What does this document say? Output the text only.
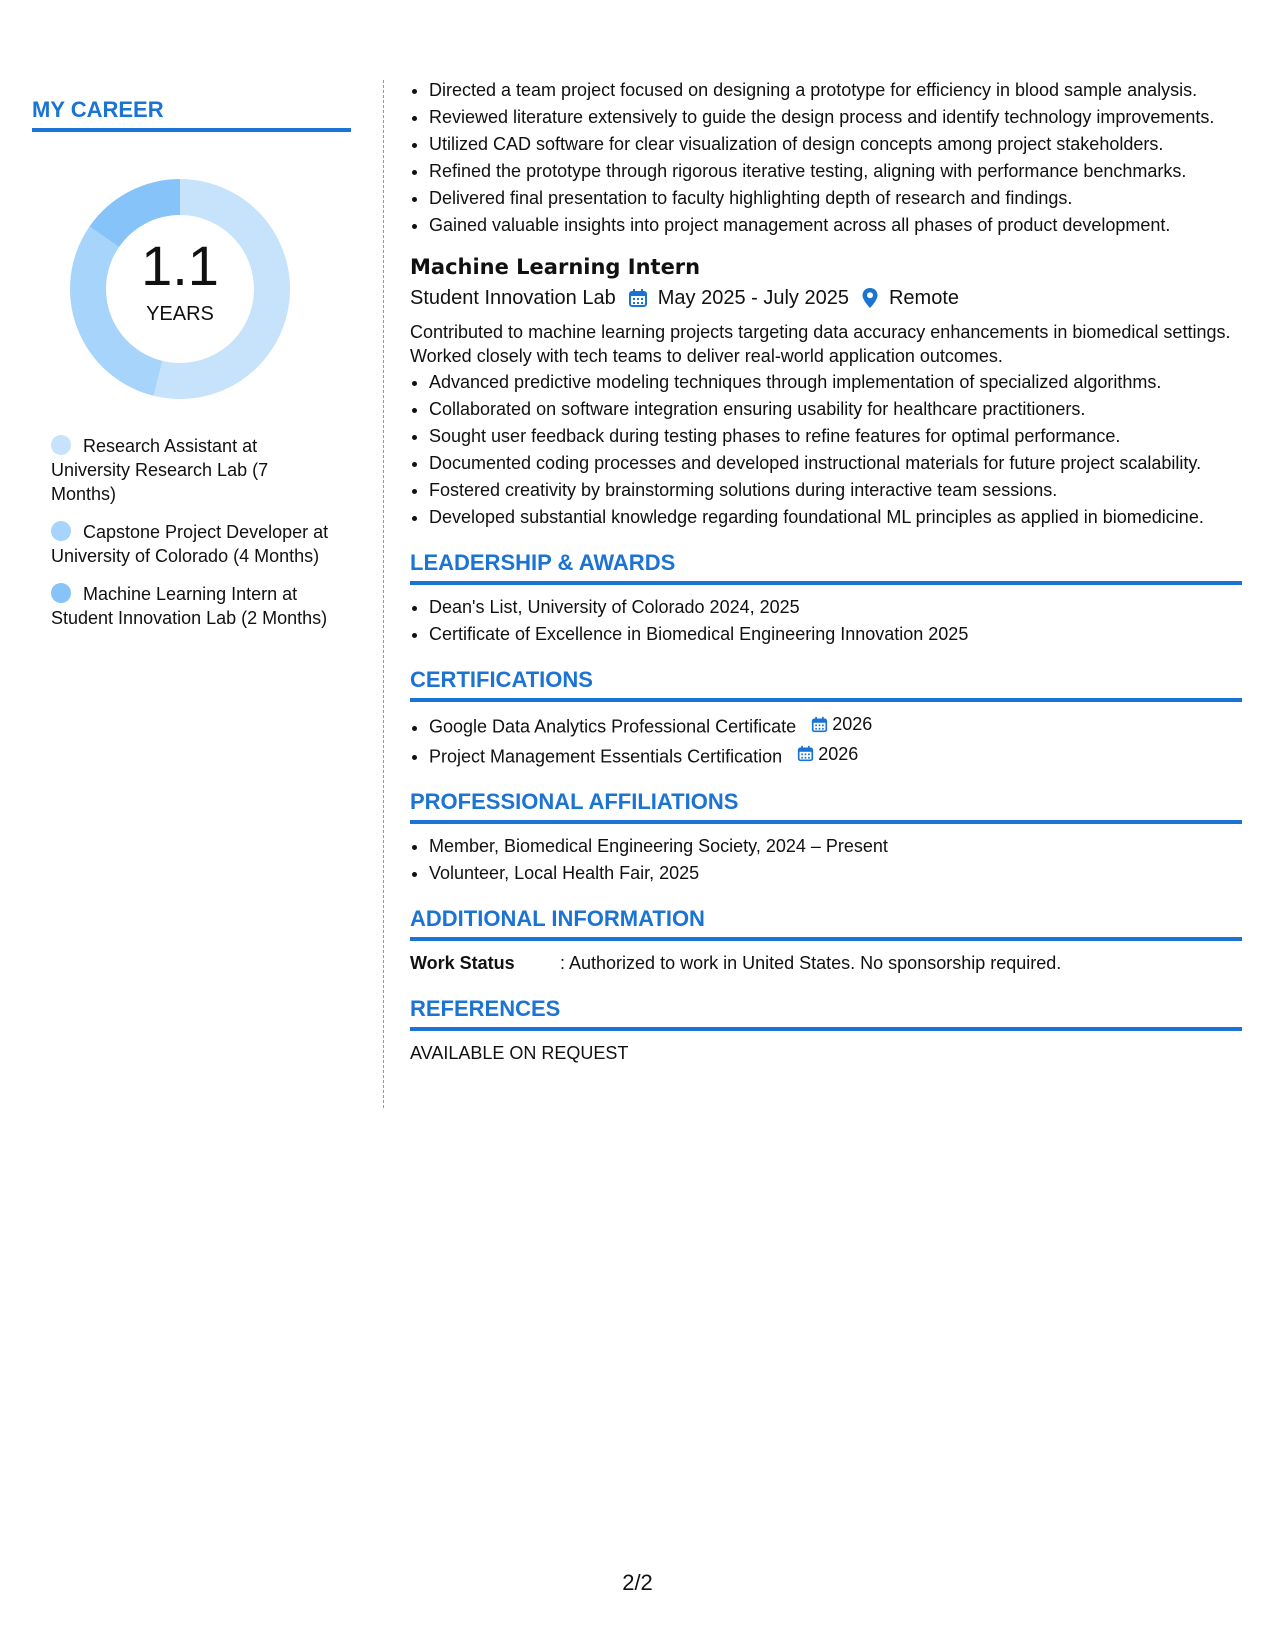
MY CAREER
1.1
YEARS
Research Assistant at University Research Lab (7 Months)
Capstone Project Developer at University of Colorado (4 Months)
Machine Learning Intern at Student Innovation Lab (2 Months)
• Directed a team project focused on designing a prototype for efficiency in blood sample analysis.
• Reviewed literature extensively to guide the design process and identify technology improvements.
• Utilized CAD software for clear visualization of design concepts among project stakeholders.
• Refined the prototype through rigorous iterative testing, aligning with performance benchmarks.
• Delivered final presentation to faculty highlighting depth of research and findings.
• Gained valuable insights into project management across all phases of product development.
Machine Learning Intern
Student Innovation Lab May 2025 - July 2025 Remote
Contributed to machine learning projects targeting data accuracy enhancements in biomedical settings. Worked closely with tech teams to deliver real-world application outcomes.
• Advanced predictive modeling techniques through implementation of specialized algorithms.
• Collaborated on software integration ensuring usability for healthcare practitioners.
• Sought user feedback during testing phases to refine features for optimal performance.
• Documented coding processes and developed instructional materials for future project scalability.
• Fostered creativity by brainstorming solutions during interactive team sessions.
• Developed substantial knowledge regarding foundational ML principles as applied in biomedicine.
LEADERSHIP & AWARDS
• Dean's List, University of Colorado 2024, 2025
• Certificate of Excellence in Biomedical Engineering Innovation 2025
CERTIFICATIONS
• Google Data Analytics Professional Certificate 2026
• Project Management Essentials Certification 2026
PROFESSIONAL AFFILIATIONS
• Member, Biomedical Engineering Society, 2024 – Present
• Volunteer, Local Health Fair, 2025
ADDITIONAL INFORMATION
Work Status	: Authorized to work in United States. No sponsorship required.
REFERENCES
AVAILABLE ON REQUEST
2/2
